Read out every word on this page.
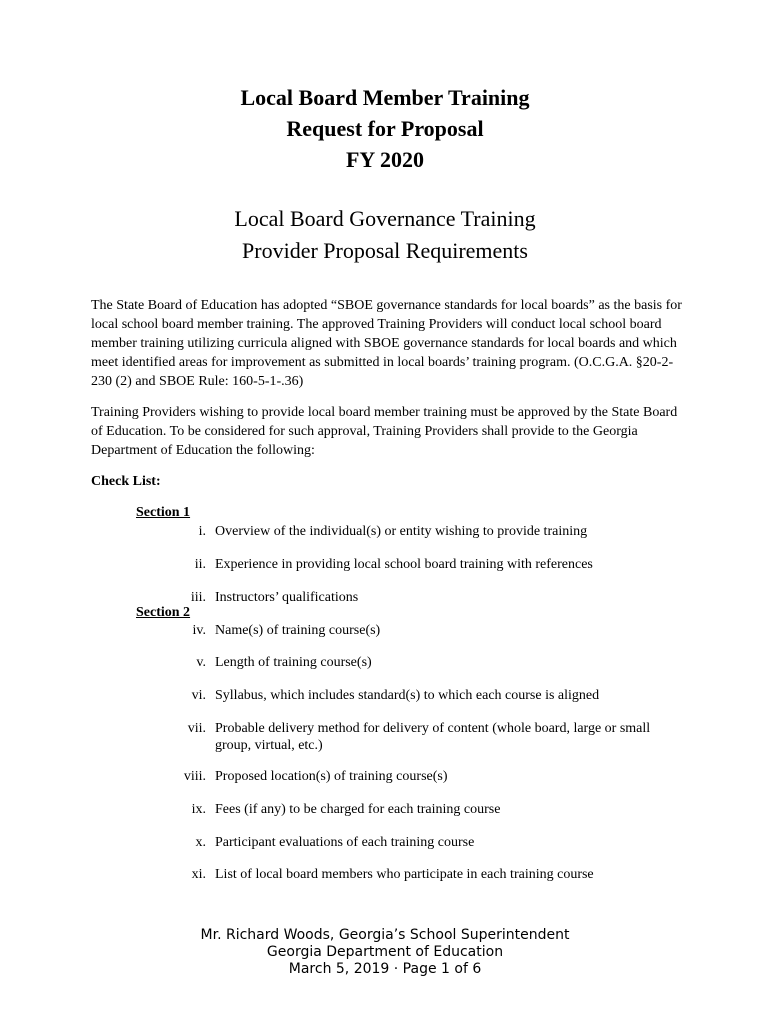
Local Board Member Training
Request for Proposal
FY 2020
Local Board Governance Training
Provider Proposal Requirements

The State Board of Education has adopted “SBOE governance standards for local boards” as the basis for local school board member training. The approved Training Providers will conduct local school board member training utilizing curricula aligned with SBOE governance standards for local boards and which meet identified areas for improvement as submitted in local boards’ training program. (O.C.G.A. §20-2-230 (2) and SBOE Rule: 160-5-1-.36)

Training Providers wishing to provide local board member training must be approved by the State Board of Education. To be considered for such approval, Training Providers shall provide to the Georgia Department of Education the following:

Check List:
Section 1
i. Overview of the individual(s) or entity wishing to provide training
ii. Experience in providing local school board training with references
iii. Instructors’ qualifications
Section 2
iv. Name(s) of training course(s)
v. Length of training course(s)
vi. Syllabus, which includes standard(s) to which each course is aligned
vii. Probable delivery method for delivery of content (whole board, large or small group, virtual, etc.)
viii. Proposed location(s) of training course(s)
ix. Fees (if any) to be charged for each training course
x. Participant evaluations of each training course
xi. List of local board members who participate in each training course
Mr. Richard Woods, Georgia’s School Superintendent
Georgia Department of Education
March 5, 2019 · Page 1 of 6
